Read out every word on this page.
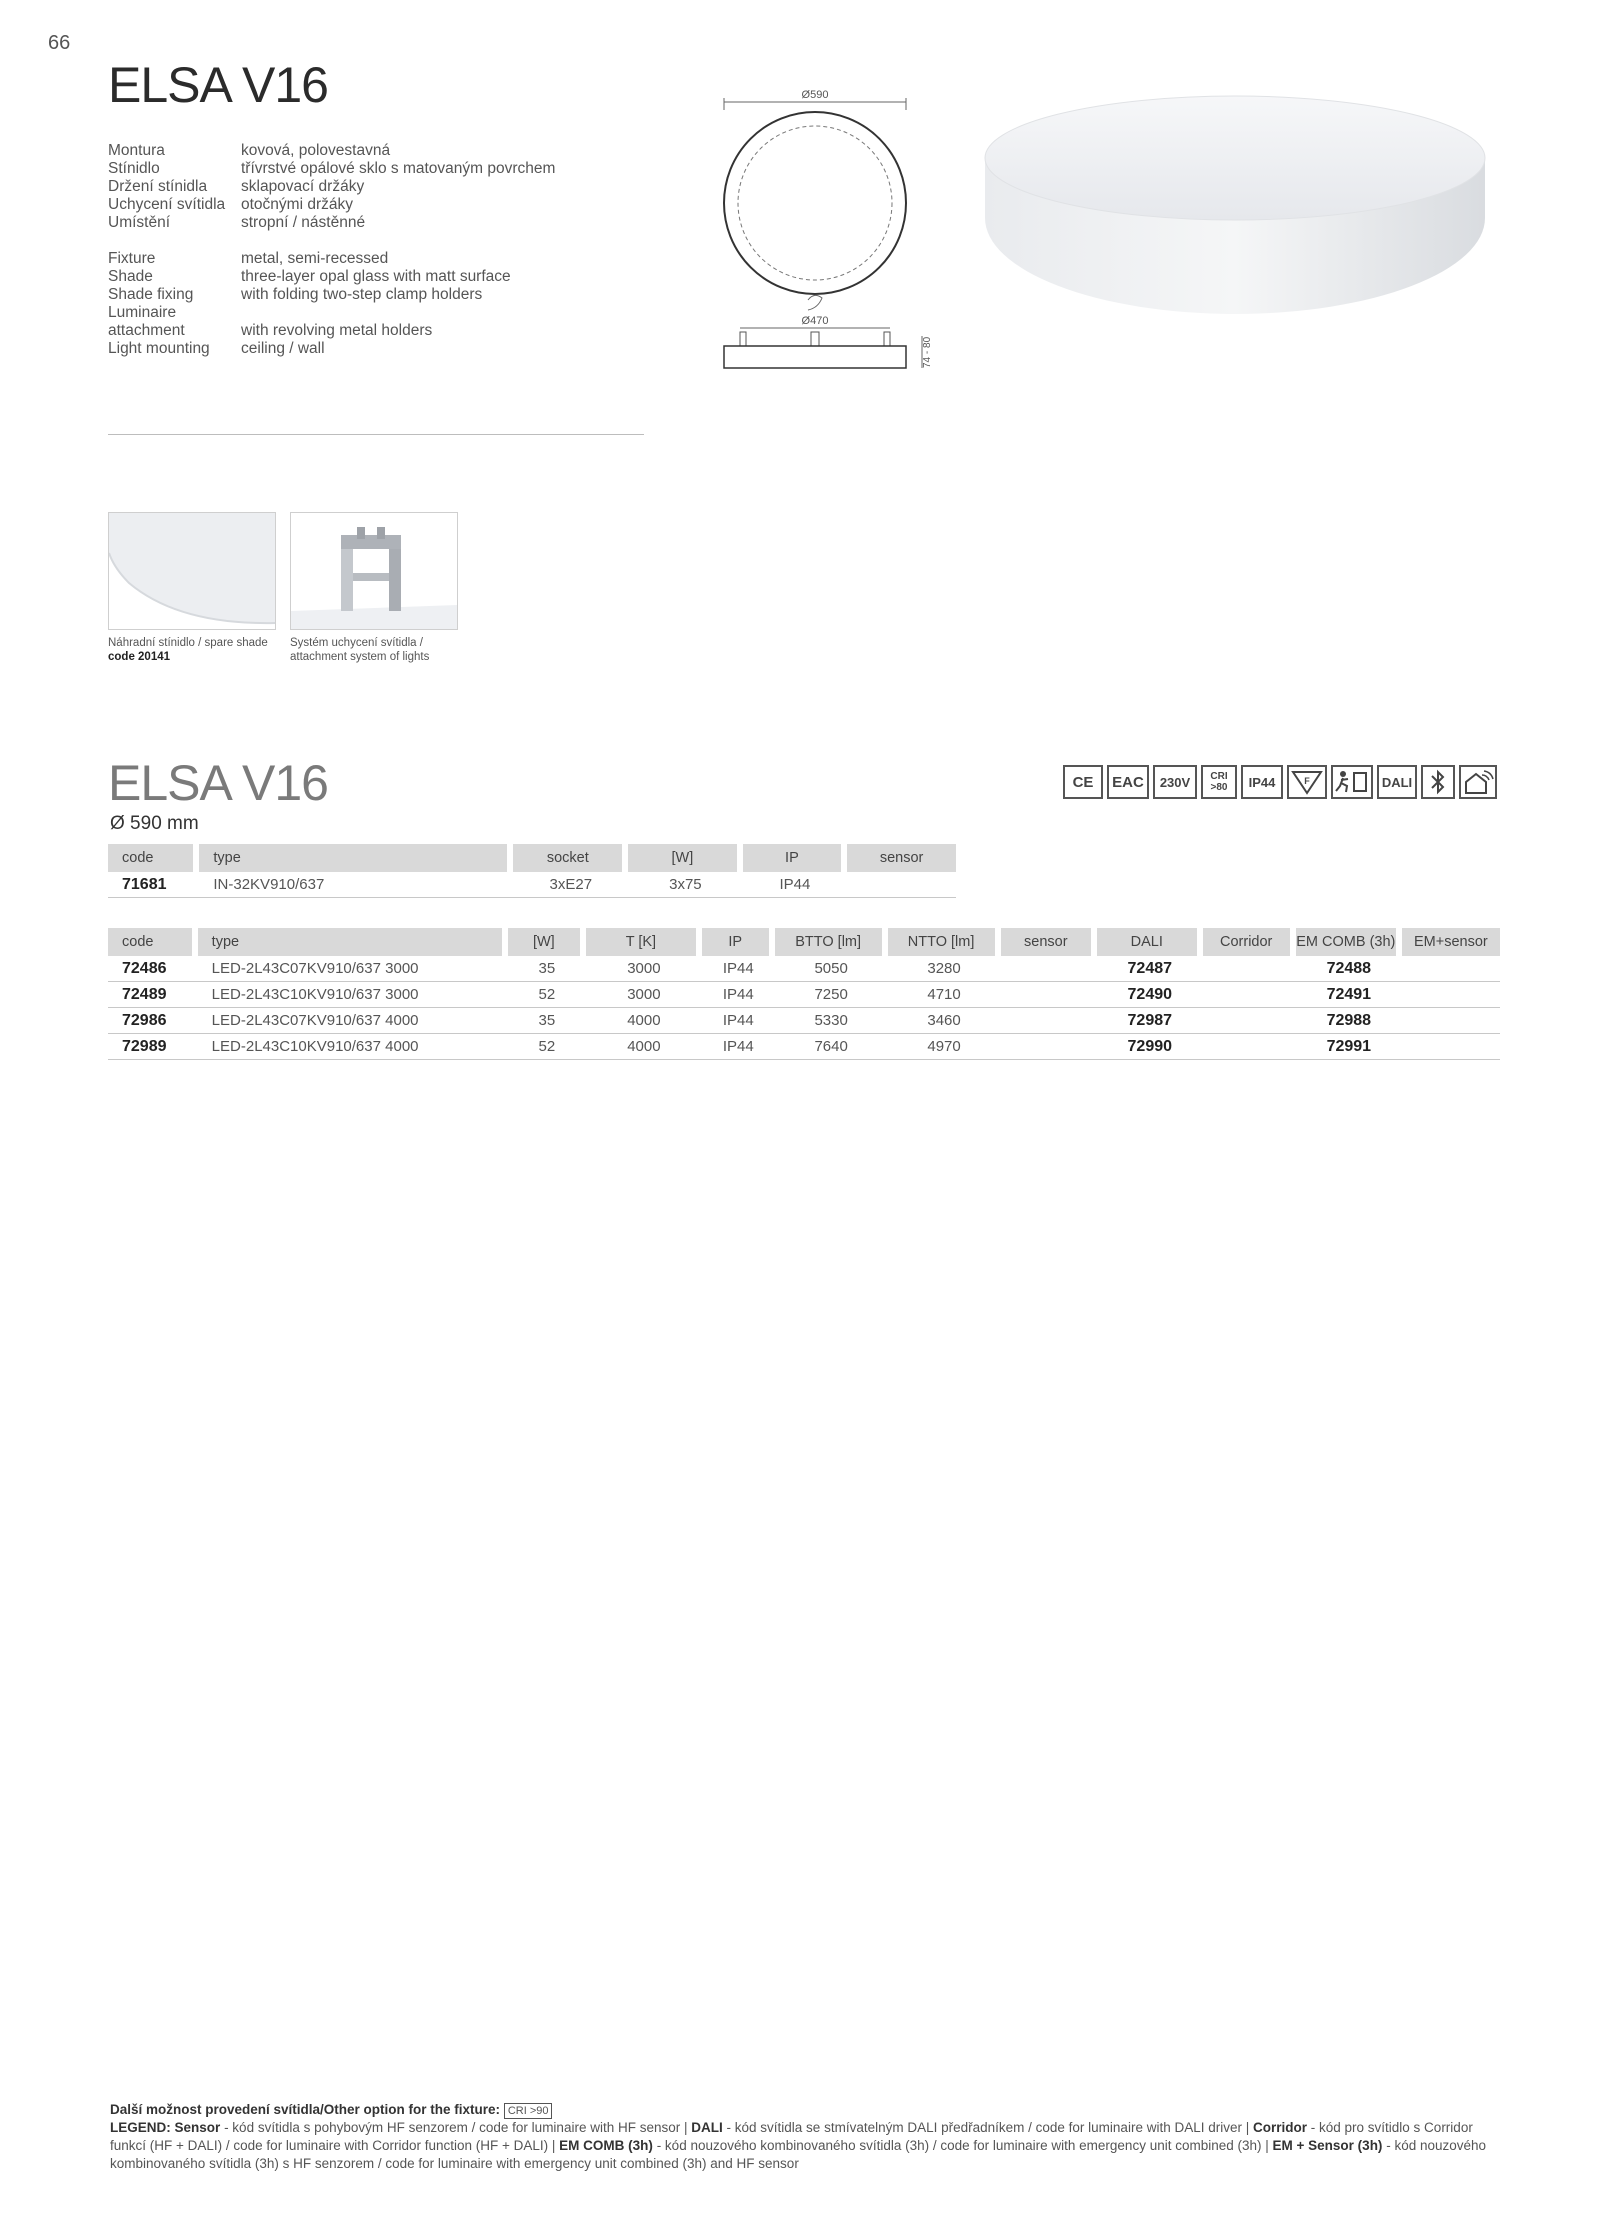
66
ELSA V16
Montura	kovová, polovestavná
Stínidlo	třívrstvé opálové sklo s matovaným povrchem
Držení stínidla	sklapovací držáky
Uchycení svítidla	otočnými držáky
Umístění	stropní / nástěnné
Fixture	metal, semi-recessed
Shade	three-layer opal glass with matt surface
Shade fixing	with folding two-step clamp holders
Luminaire
attachment	with revolving metal holders
Light mounting	ceiling / wall
Ø590
Ø470
74 - 80
Náhradní stínidlo / spare shade
code 20141
Systém uchycení svítidla /
attachment system of lights
ELSA V16
Ø 590 mm
CE EAC 230V	CRI >80	IP44	F	DALI
code	type	socket	[W]	IP	sensor
71681	IN-32KV910/637	3xE27	3x75	IP44	
code	type	[W]	T [K]	IP	BTTO [lm]	NTTO [lm]	sensor	DALI	Corridor	EM COMB (3h)	EM+sensor
72486	LED-2L43C07KV910/637 3000	35	3000	IP44	5050	3280		72487		72488	
72489	LED-2L43C10KV910/637 3000	52	3000	IP44	7250	4710		72490		72491	
72986	LED-2L43C07KV910/637 4000	35	4000	IP44	5330	3460		72987		72988	
72989	LED-2L43C10KV910/637 4000	52	4000	IP44	7640	4970		72990		72991	
Další možnost provedení svítidla/Other option for the fixture: CRI >90
LEGEND: Sensor - kód svítidla s pohybovým HF senzorem / code for luminaire with HF sensor | DALI - kód svítidla se stmívatelným DALI předřadníkem / code for luminaire with DALI driver | Corridor - kód pro svítidlo s Corridor funkcí (HF + DALI) / code for luminaire with Corridor function (HF + DALI) | EM COMB (3h) - kód nouzového kombinovaného svítidla (3h) / code for luminaire with emergency unit combined (3h) | EM + Sensor (3h) - kód nouzového kombinovaného svítidla (3h) s HF senzorem / code for luminaire with emergency unit combined (3h) and HF sensor
